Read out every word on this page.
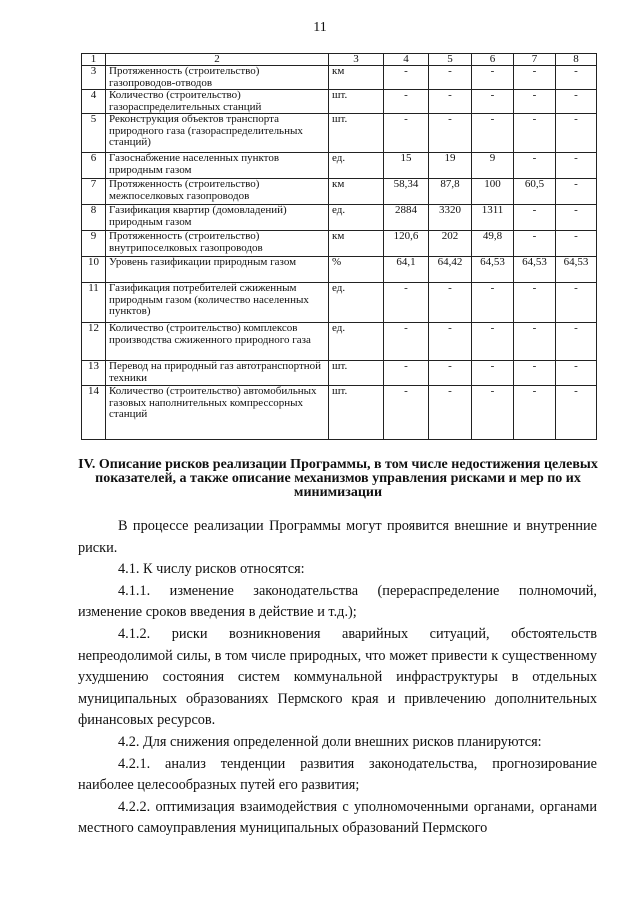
11
1	2	3	4	5	6	7	8
3	Протяженность (строительство) газопроводов-отводов	км	-	-	-	-	-
4	Количество (строительство) газораспределительных станций	шт.	-	-	-	-	-
5	Реконструкция объектов транспорта природного газа (газораспределительных станций)	шт.	-	-	-	-	-
6	Газоснабжение населенных пунктов природным газом	ед.	15	19	9	-	-
7	Протяженность (строительство) межпоселковых газопроводов	км	58,34	87,8	100	60,5	-
8	Газификация квартир (домовладений) природным газом	ед.	2884	3320	1311	-	-
9	Протяженность (строительство) внутрипоселковых газопроводов	км	120,6	202	49,8	-	-
10	Уровень газификации природным газом	%	64,1	64,42	64,53	64,53	64,53
11	Газификация потребителей сжиженным природным газом (количество населенных пунктов)	ед.	-	-	-	-	-
12	Количество (строительство) комплексов производства сжиженного природного газа	ед.	-	-	-	-	-
13	Перевод на природный газ автотранспортной техники	шт.	-	-	-	-	-
14	Количество (строительство) автомобильных газовых наполнительных компрессорных станций	шт.	-	-	-	-	-
IV. Описание рисков реализации Программы, в том числе недостижения целевых показателей, а также описание механизмов управления рисками и мер по их минимизации

В процессе реализации Программы могут проявится внешние и внутренние риски.

4.1. К числу рисков относятся:

4.1.1. изменение законодательства (перераспределение полномочий, изменение сроков введения в действие и т.д.);

4.1.2. риски возникновения аварийных ситуаций, обстоятельств непреодолимой силы, в том числе природных, что может привести к существенному ухудшению состояния систем коммунальной инфраструктуры в отдельных муниципальных образованиях Пермского края и привлечению дополнительных финансовых ресурсов.

4.2. Для снижения определенной доли внешних рисков планируются:

4.2.1. анализ тенденции развития законодательства, прогнозирование наиболее целесообразных путей его развития;

4.2.2. оптимизация взаимодействия с уполномоченными органами, органами местного самоуправления муниципальных образований Пермского
